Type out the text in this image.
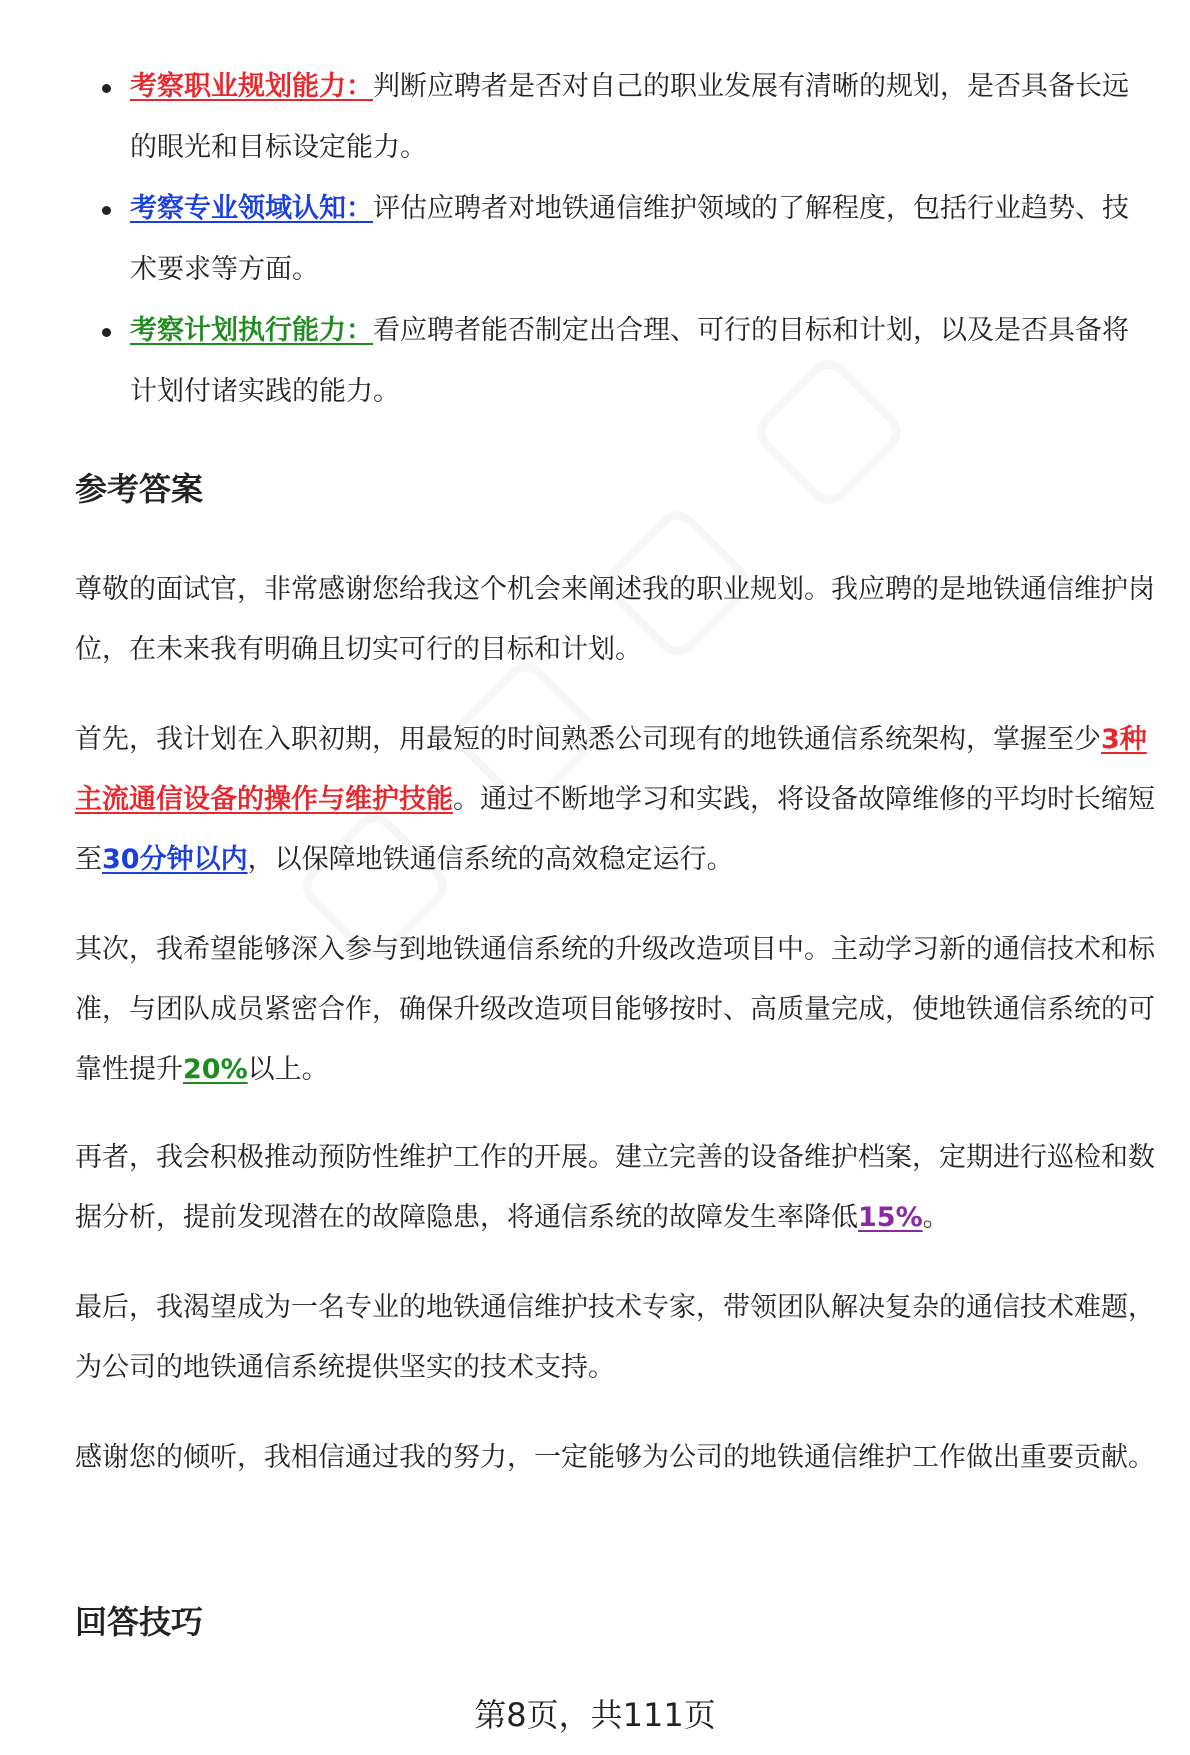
考察职业规划能力：判断应聘者是否对自己的职业发展有清晰的规划，是否具备长远的眼光和目标设定能力。
考察专业领域认知：评估应聘者对地铁通信维护领域的了解程度，包括行业趋势、技术要求等方面。
考察计划执行能力：看应聘者能否制定出合理、可行的目标和计划，以及是否具备将计划付诸实践的能力。
参考答案

尊敬的面试官，非常感谢您给我这个机会来阐述我的职业规划。我应聘的是地铁通信维护岗位，在未来我有明确且切实可行的目标和计划。

首先，我计划在入职初期，用最短的时间熟悉公司现有的地铁通信系统架构，掌握至少3种主流通信设备的操作与维护技能。通过不断地学习和实践，将设备故障维修的平均时长缩短至30分钟以内，以保障地铁通信系统的高效稳定运行。

其次，我希望能够深入参与到地铁通信系统的升级改造项目中。主动学习新的通信技术和标准，与团队成员紧密合作，确保升级改造项目能够按时、高质量完成，使地铁通信系统的可靠性提升20%以上。

再者，我会积极推动预防性维护工作的开展。建立完善的设备维护档案，定期进行巡检和数据分析，提前发现潜在的故障隐患，将通信系统的故障发生率降低15%。

最后，我渴望成为一名专业的地铁通信维护技术专家，带领团队解决复杂的通信技术难题，为公司的地铁通信系统提供坚实的技术支持。

感谢您的倾听，我相信通过我的努力，一定能够为公司的地铁通信维护工作做出重要贡献。

回答技巧
第8页，共111页
